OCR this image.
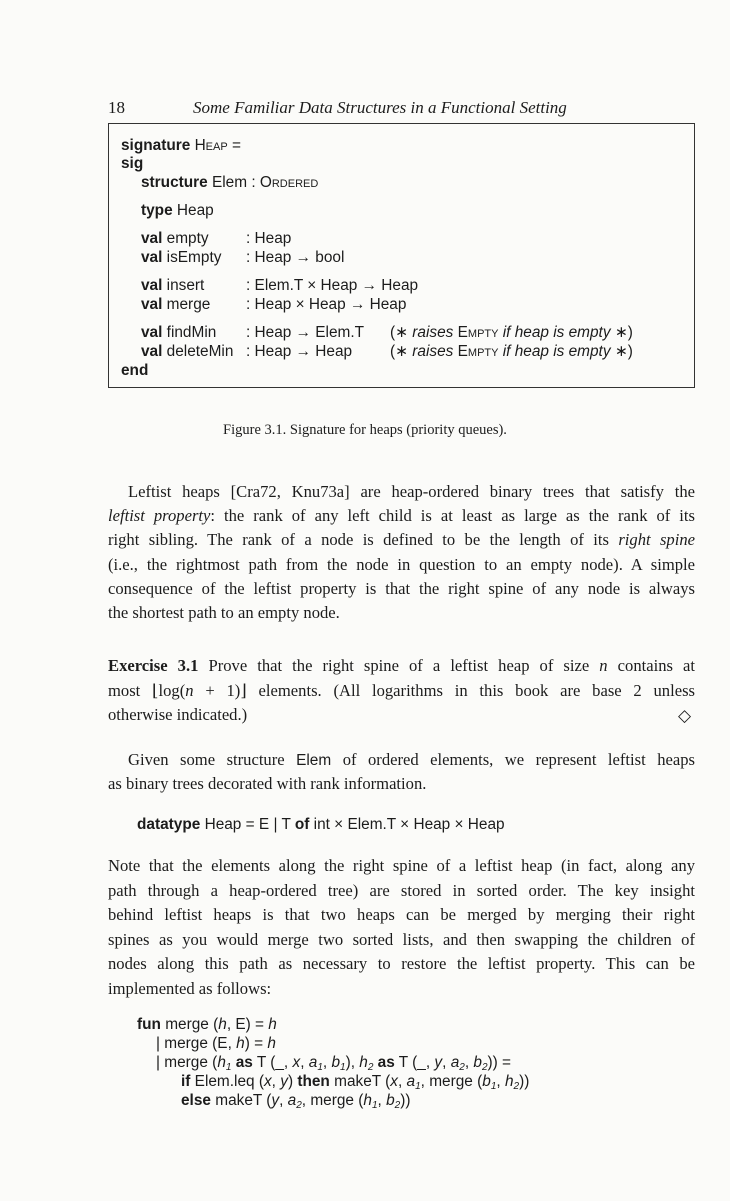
18	Some Familiar Data Structures in a Functional Setting
signature Heap =
sig
structure Elem : Ordered
type Heap
val empty : Heap
val isEmpty : Heap → bool
val insert	: Elem.T × Heap → Heap
val merge : Heap × Heap → Heap
val findMin : Heap → Elem.T (∗ raises Empty if heap is empty ∗)
val deleteMin : Heap → Heap (∗ raises Empty if heap is empty ∗)
end
Figure 3.1. Signature for heaps (priority queues).
Leftist heaps [Cra72, Knu73a] are heap-ordered binary trees that satisfy the
leftist property: the rank of any left child is at least as large as the rank of its
right sibling. The rank of a node is defined to be the length of its right spine
(i.e., the rightmost path from the node in question to an empty node). A simple
consequence of the leftist property is that the right spine of any node is always
the shortest path to an empty node.
Exercise 3.1 Prove that the right spine of a leftist heap of size n contains at
most ⌊log(n + 1)⌋ elements. (All logarithms in this book are base 2 unless
otherwise indicated.)
Given some structure Elem of ordered elements, we represent leftist heaps
as binary trees decorated with rank information.
datatype Heap = E | T of int × Elem.T × Heap × Heap
Note that the elements along the right spine of a leftist heap (in fact, along any
path through a heap-ordered tree) are stored in sorted order. The key insight
behind leftist heaps is that two heaps can be merged by merging their right
spines as you would merge two sorted lists, and then swapping the children of
nodes along this path as necessary to restore the leftist property. This can be
implemented as follows:
fun merge (h, E) = h
| merge (E, h) = h
| merge (h1 as T (_, x, a1, b1), h2 as T (_, y, a2, b2)) =
if Elem.leq (x, y) then makeT (x, a1, merge (b1, h2))
else makeT (y, a2, merge (h1, b2))
◇
